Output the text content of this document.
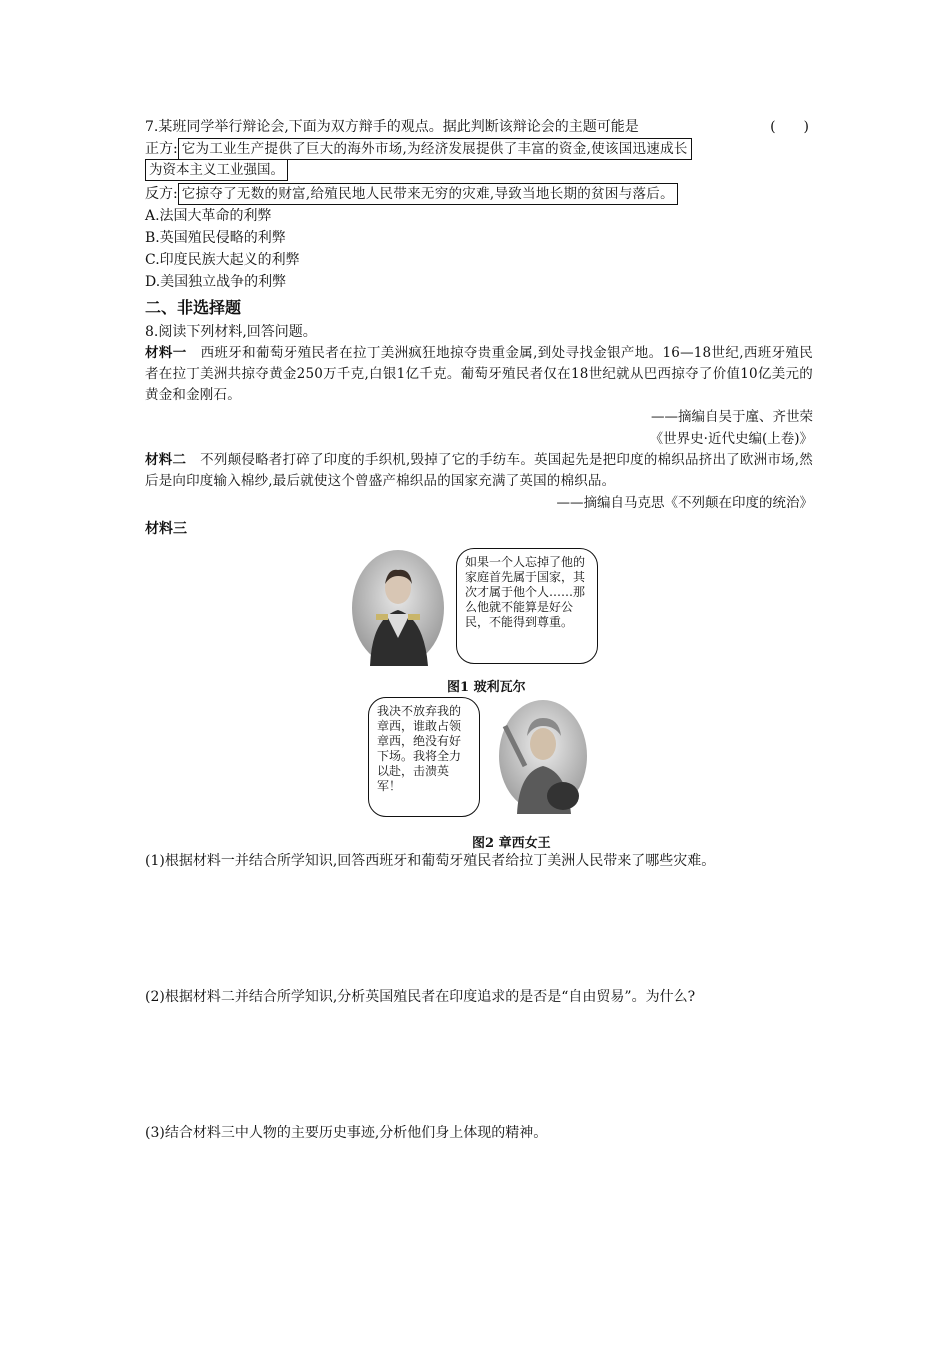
7.某班同学举行辩论会,下面为双方辩手的观点。据此判断该辩论会的主题可能是	(　　)
正方: 它为工业生产提供了巨大的海外市场,为经济发展提供了丰富的资金,使该国迅速成长
为资本主义工业强国。
反方: 它掠夺了无数的财富,给殖民地人民带来无穷的灾难,导致当地长期的贫困与落后。
A.法国大革命的利弊
B.英国殖民侵略的利弊
C.印度民族大起义的利弊
D.美国独立战争的利弊
二、非选择题
8.阅读下列材料,回答问题。
材料一 西班牙和葡萄牙殖民者在拉丁美洲疯狂地掠夺贵重金属,到处寻找金银产地。16—18世纪,西班牙殖民者在拉丁美洲共掠夺黄金250万千克,白银1亿千克。葡萄牙殖民者仅在18世纪就从巴西掠夺了价值10亿美元的黄金和金刚石。
——摘编自吴于廑、齐世荣
《世界史·近代史编(上卷)》
材料二 不列颠侵略者打碎了印度的手织机,毁掉了它的手纺车。英国起先是把印度的棉织品挤出了欧洲市场,然后是向印度输入棉纱,最后就使这个曾盛产棉织品的国家充满了英国的棉织品。
——摘编自马克思《不列颠在印度的统治》
材料三
如果一个人忘掉了他的家庭首先属于国家，其次才属于他个人……那么他就不能算是好公民，不能得到尊重。
图1 玻利瓦尔
我决不放弃我的章西，谁敢占领章西，绝没有好下场。我将全力以赴，击溃英军！
图2 章西女王
(1)根据材料一并结合所学知识,回答西班牙和葡萄牙殖民者给拉丁美洲人民带来了哪些灾难。
(2)根据材料二并结合所学知识,分析英国殖民者在印度追求的是否是“自由贸易”。为什么?
(3)结合材料三中人物的主要历史事迹,分析他们身上体现的精神。
